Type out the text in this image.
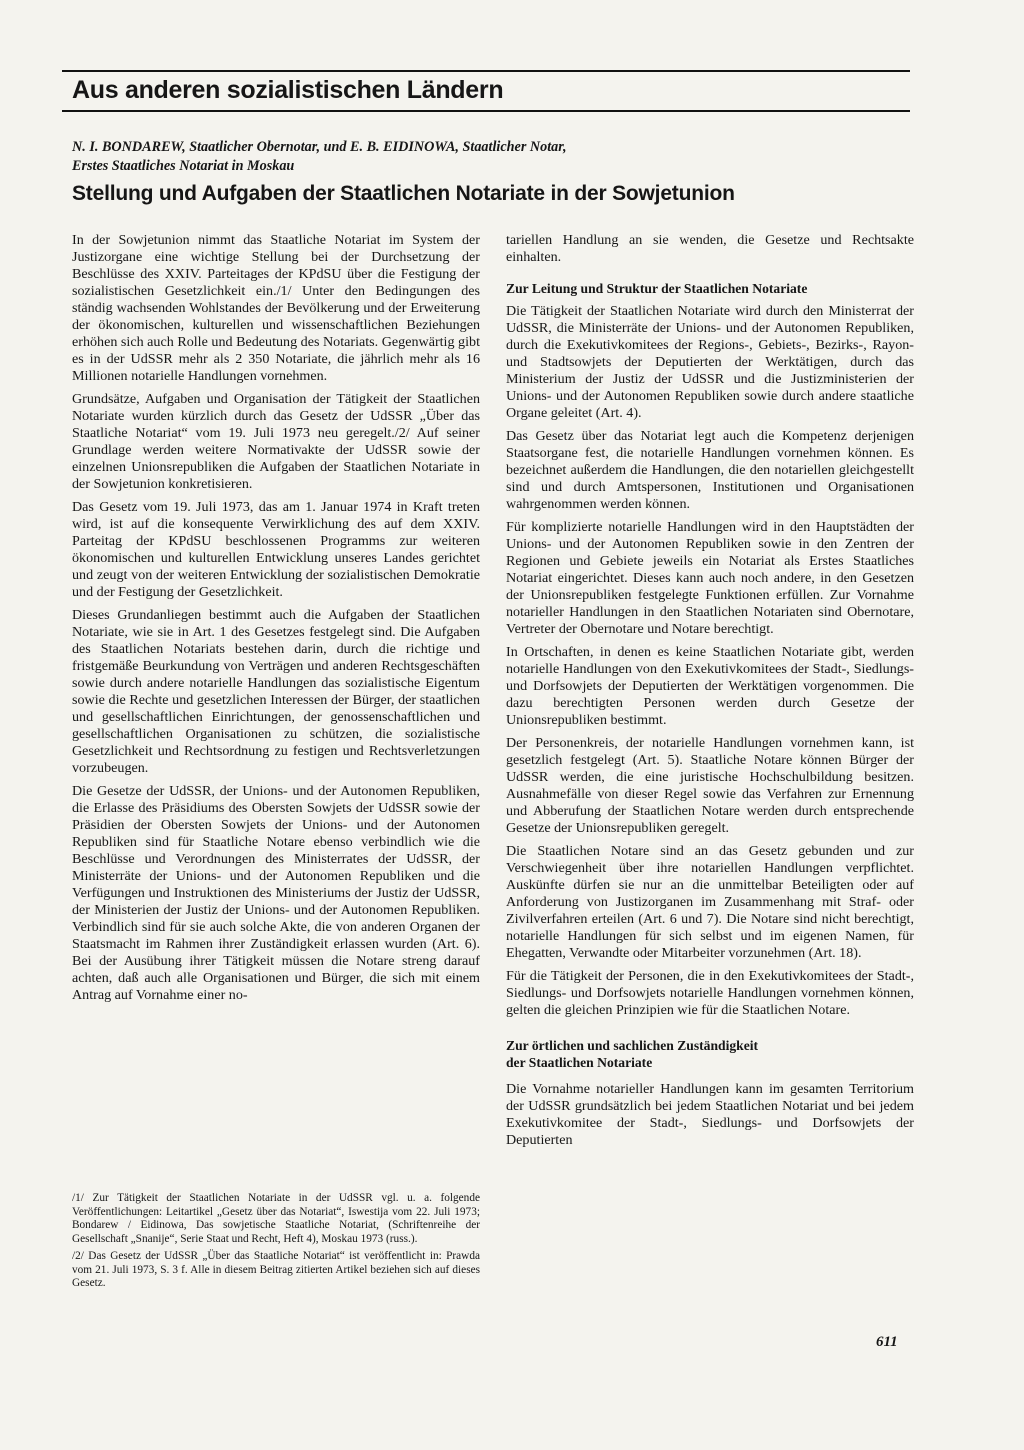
Aus anderen sozialistischen Ländern
N. I. BONDAREW, Staatlicher Obernotar, und E. B. EIDINOWA, Staatlicher Notar,
Erstes Staatliches Notariat in Moskau
Stellung und Aufgaben der Staatlichen Notariate in der Sowjetunion

In der Sowjetunion nimmt das Staatliche Notariat im System der Justizorgane eine wichtige Stellung bei der Durchsetzung der Beschlüsse des XXIV. Parteitages der KPdSU über die Festigung der sozialistischen Gesetzlichkeit ein./1/ Unter den Bedingungen des ständig wachsenden Wohlstandes der Bevölkerung und der Erweiterung der ökonomischen, kulturellen und wissenschaftlichen Beziehungen erhöhen sich auch Rolle und Bedeutung des Notariats. Gegenwärtig gibt es in der UdSSR mehr als 2 350 Notariate, die jährlich mehr als 16 Millionen notarielle Handlungen vornehmen.

Grundsätze, Aufgaben und Organisation der Tätigkeit der Staatlichen Notariate wurden kürzlich durch das Gesetz der UdSSR „Über das Staatliche Notariat“ vom 19. Juli 1973 neu geregelt./2/ Auf seiner Grundlage werden weitere Normativakte der UdSSR sowie der einzelnen Unionsrepubliken die Aufgaben der Staatlichen Notariate in der Sowjetunion konkretisieren.

Das Gesetz vom 19. Juli 1973, das am 1. Januar 1974 in Kraft treten wird, ist auf die konsequente Verwirklichung des auf dem XXIV. Parteitag der KPdSU beschlossenen Programms zur weiteren ökonomischen und kulturellen Entwicklung unseres Landes gerichtet und zeugt von der weiteren Entwicklung der sozialistischen Demokratie und der Festigung der Gesetzlichkeit.

Dieses Grundanliegen bestimmt auch die Aufgaben der Staatlichen Notariate, wie sie in Art. 1 des Gesetzes festgelegt sind. Die Aufgaben des Staatlichen Notariats bestehen darin, durch die richtige und fristgemäße Beurkundung von Verträgen und anderen Rechtsgeschäften sowie durch andere notarielle Handlungen das sozialistische Eigentum sowie die Rechte und gesetzlichen Interessen der Bürger, der staatlichen und gesellschaftlichen Einrichtungen, der genossenschaftlichen und gesellschaftlichen Organisationen zu schützen, die sozialistische Gesetzlichkeit und Rechtsordnung zu festigen und Rechtsverletzungen vorzubeugen.

Die Gesetze der UdSSR, der Unions- und der Autonomen Republiken, die Erlasse des Präsidiums des Obersten Sowjets der UdSSR sowie der Präsidien der Obersten Sowjets der Unions- und der Autonomen Republiken sind für Staatliche Notare ebenso verbindlich wie die Beschlüsse und Verordnungen des Ministerrates der UdSSR, der Ministerräte der Unions- und der Autonomen Republiken und die Verfügungen und Instruktionen des Ministeriums der Justiz der UdSSR, der Ministerien der Justiz der Unions- und der Autonomen Republiken. Verbindlich sind für sie auch solche Akte, die von anderen Organen der Staatsmacht im Rahmen ihrer Zuständigkeit erlassen wurden (Art. 6). Bei der Ausübung ihrer Tätigkeit müssen die Notare streng darauf achten, daß auch alle Organisationen und Bürger, die sich mit einem Antrag auf Vornahme einer no-

/1/ Zur Tätigkeit der Staatlichen Notariate in der UdSSR vgl. u. a. folgende Veröffentlichungen: Leitartikel „Gesetz über das Notariat“, Iswestija vom 22. Juli 1973; Bondarew / Eidinowa, Das sowjetische Staatliche Notariat, (Schriftenreihe der Gesellschaft „Snanije“, Serie Staat und Recht, Heft 4), Moskau 1973 (russ.).

/2/ Das Gesetz der UdSSR „Über das Staatliche Notariat“ ist veröffentlicht in: Prawda vom 21. Juli 1973, S. 3 f. Alle in diesem Beitrag zitierten Artikel beziehen sich auf dieses Gesetz.

tariellen Handlung an sie wenden, die Gesetze und Rechtsakte einhalten.

Zur Leitung und Struktur der Staatlichen Notariate

Die Tätigkeit der Staatlichen Notariate wird durch den Ministerrat der UdSSR, die Ministerräte der Unions- und der Autonomen Republiken, durch die Exekutivkomitees der Regions-, Gebiets-, Bezirks-, Rayon- und Stadtsowjets der Deputierten der Werktätigen, durch das Ministerium der Justiz der UdSSR und die Justizministerien der Unions- und der Autonomen Republiken sowie durch andere staatliche Organe geleitet (Art. 4).

Das Gesetz über das Notariat legt auch die Kompetenz derjenigen Staatsorgane fest, die notarielle Handlungen vornehmen können. Es bezeichnet außerdem die Handlungen, die den notariellen gleichgestellt sind und durch Amtspersonen, Institutionen und Organisationen wahrgenommen werden können.

Für komplizierte notarielle Handlungen wird in den Hauptstädten der Unions- und der Autonomen Republiken sowie in den Zentren der Regionen und Gebiete jeweils ein Notariat als Erstes Staatliches Notariat eingerichtet. Dieses kann auch noch andere, in den Gesetzen der Unionsrepubliken festgelegte Funktionen erfüllen. Zur Vornahme notarieller Handlungen in den Staatlichen Notariaten sind Obernotare, Vertreter der Obernotare und Notare berechtigt.

In Ortschaften, in denen es keine Staatlichen Notariate gibt, werden notarielle Handlungen von den Exekutivkomitees der Stadt-, Siedlungs- und Dorfsowjets der Deputierten der Werktätigen vorgenommen. Die dazu berechtigten Personen werden durch Gesetze der Unionsrepubliken bestimmt.

Der Personenkreis, der notarielle Handlungen vornehmen kann, ist gesetzlich festgelegt (Art. 5). Staatliche Notare können Bürger der UdSSR werden, die eine juristische Hochschulbildung besitzen. Ausnahmefälle von dieser Regel sowie das Verfahren zur Ernennung und Abberufung der Staatlichen Notare werden durch entsprechende Gesetze der Unionsrepubliken geregelt.

Die Staatlichen Notare sind an das Gesetz gebunden und zur Verschwiegenheit über ihre notariellen Handlungen verpflichtet. Auskünfte dürfen sie nur an die unmittelbar Beteiligten oder auf Anforderung von Justizorganen im Zusammenhang mit Straf- oder Zivilverfahren erteilen (Art. 6 und 7). Die Notare sind nicht berechtigt, notarielle Handlungen für sich selbst und im eigenen Namen, für Ehegatten, Verwandte oder Mitarbeiter vorzunehmen (Art. 18).

Für die Tätigkeit der Personen, die in den Exekutivkomitees der Stadt-, Siedlungs- und Dorfsowjets notarielle Handlungen vornehmen können, gelten die gleichen Prinzipien wie für die Staatlichen Notare.

Zur örtlichen und sachlichen Zuständigkeit
der Staatlichen Notariate

Die Vornahme notarieller Handlungen kann im gesamten Territorium der UdSSR grundsätzlich bei jedem Staatlichen Notariat und bei jedem Exekutivkomitee der Stadt-, Siedlungs- und Dorfsowjets der Deputierten

611
